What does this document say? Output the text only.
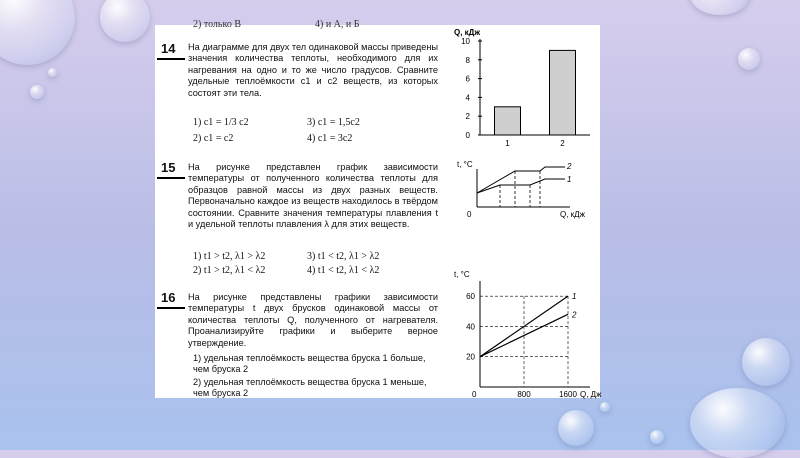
2) только В	4) и А, и Б
14 На диаграмме для двух тел одинаковой массы приведены значения количества теплоты, необходимого для их нагревания на одно и то же число градусов. Сравните удельные теплоёмкости c1 и c2 веществ, из которых состоят эти тела.
1) c1 = 1/3 c2	3) c1 = 1,5c2
2) c1 = c2	4) c1 = 3c2
Q, кДж
0
2
4
6
8
10
1	2
15 На рисунке представлен график зависимости температуры от полученного количества теплоты для образцов равной массы из двух разных веществ. Первоначально каждое из веществ находилось в твёрдом состоянии. Сравните значения температуры плавления t и удельной теплоты плавления λ для этих веществ.
1) t1 > t2, λ1 > λ2	3) t1 < t2, λ1 > λ2
2) t1 > t2, λ1 < λ2	4) t1 < t2, λ1 < λ2
t, °C	2
1
0	Q, кДж
16 На рисунке представлены графики зависимости температуры t двух брусков одинаковой массы от количества теплоты Q, полученного от нагревателя. Проанализируйте графики и выберите верное утверждение.
1) удельная теплоёмкость вещества бруска 1 больше, чем бруска 2
2) удельная теплоёмкость вещества бруска 1 меньше, чем бруска 2
t, °C
20
40
60
800	1600
0	Q, Дж
1
2
